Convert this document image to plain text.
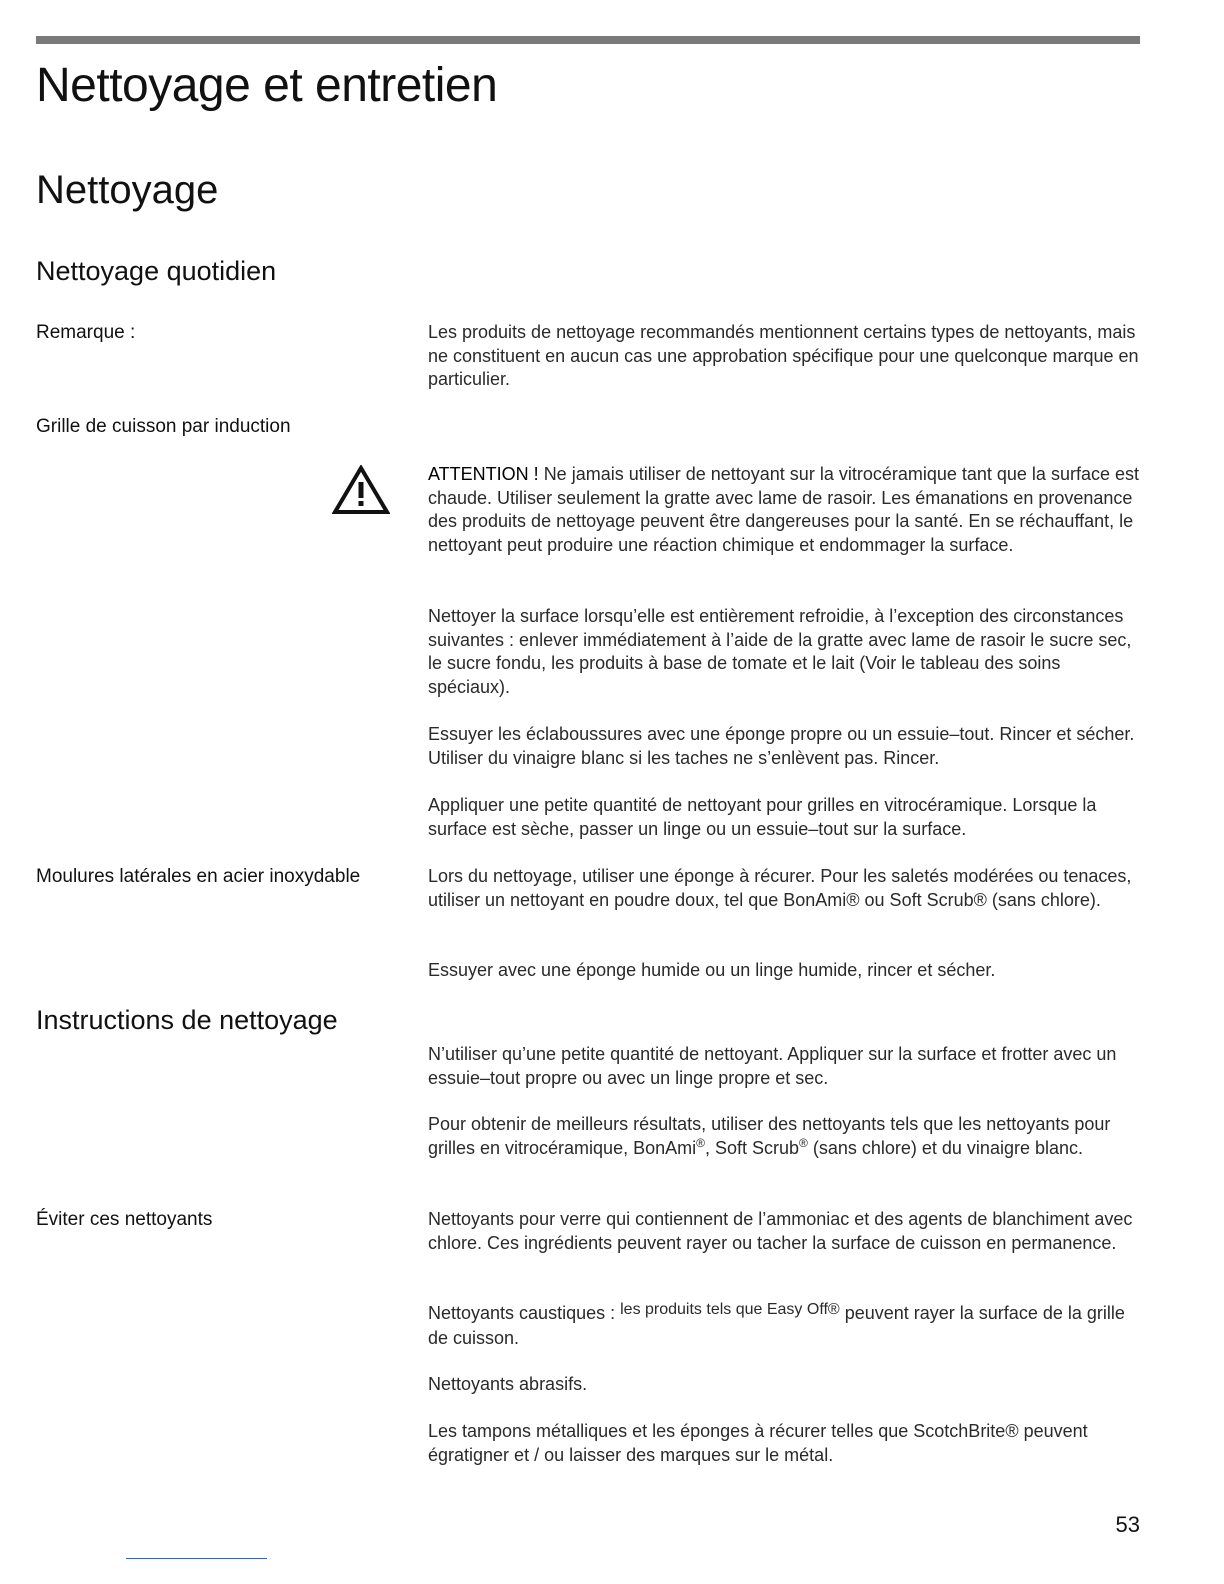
Nettoyage et entretien
Nettoyage
Nettoyage quotidien
Remarque :	Les produits de nettoyage recommandés mentionnent certains types de nettoyants, mais ne constituent en aucun cas une approbation spécifique pour une quelconque marque en particulier.

Grille de cuisson par induction

ATTENTION ! Ne jamais utiliser de nettoyant sur la vitrocéramique tant que la surface est chaude. Utiliser seulement la gratte avec lame de rasoir. Les émanations en provenance des produits de nettoyage peuvent être dangereuses pour la santé. En se réchauffant, le nettoyant peut produire une réaction chimique et endommager la surface.

Nettoyer la surface lorsqu’elle est entièrement refroidie, à l’exception des circonstances suivantes : enlever immédiatement à l’aide de la gratte avec lame de rasoir le sucre sec, le sucre fondu, les produits à base de tomate et le lait (Voir le tableau des soins spéciaux).

Essuyer les éclaboussures avec une éponge propre ou un essuie–tout. Rincer et sécher. Utiliser du vinaigre blanc si les taches ne s’enlèvent pas. Rincer.

Appliquer une petite quantité de nettoyant pour grilles en vitrocéramique. Lorsque la surface est sèche, passer un linge ou un essuie–tout sur la surface.

Moulures latérales en acier inoxydable	Lors du nettoyage, utiliser une éponge à récurer. Pour les saletés modérées ou tenaces, utiliser un nettoyant en poudre doux, tel que BonAmi® ou Soft Scrub® (sans chlore).

Essuyer avec une éponge humide ou un linge humide, rincer et sécher.

Instructions de nettoyage

N’utiliser qu’une petite quantité de nettoyant. Appliquer sur la surface et frotter avec un essuie–tout propre ou avec un linge propre et sec.

Pour obtenir de meilleurs résultats, utiliser des nettoyants tels que les nettoyants pour grilles en vitrocéramique, BonAmi®, Soft Scrub® (sans chlore) et du vinaigre blanc.

Éviter ces nettoyants	Nettoyants pour verre qui contiennent de l’ammoniac et des agents de blanchiment avec chlore. Ces ingrédients peuvent rayer ou tacher la surface de cuisson en permanence.

Nettoyants caustiques : les produits tels que Easy Off® peuvent rayer la surface de la grille de cuisson.

Nettoyants abrasifs.

Les tampons métalliques et les éponges à récurer telles que ScotchBrite® peuvent égratigner et / ou laisser des marques sur le métal.

53
